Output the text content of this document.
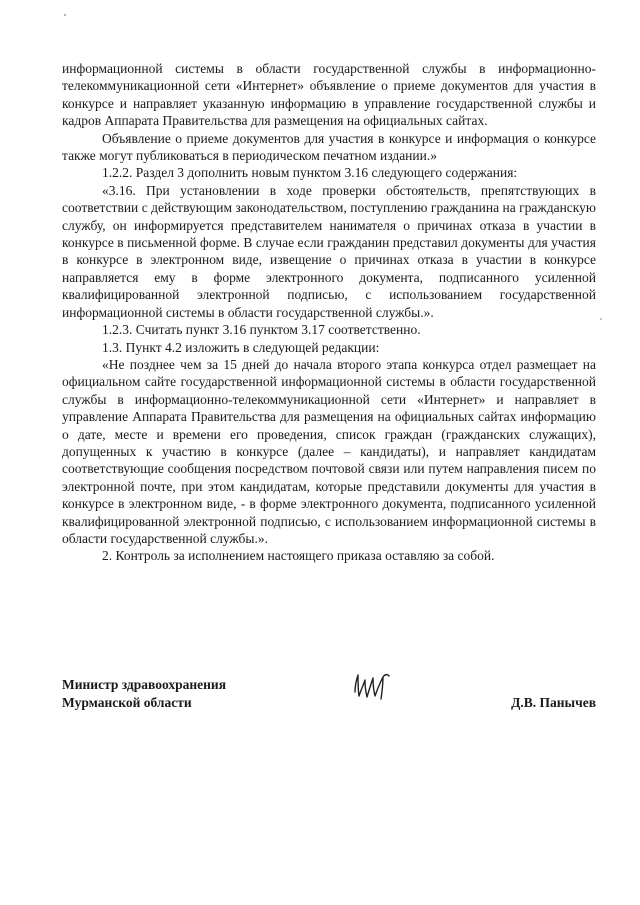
информационной системы в области государственной службы в информационно-телекоммуникационной сети «Интернет» объявление о приеме документов для участия в конкурсе и направляет указанную информацию в управление государственной службы и кадров Аппарата Правительства для размещения на официальных сайтах.

Объявление о приеме документов для участия в конкурсе и информация о конкурсе также могут публиковаться в периодическом печатном издании.»

1.2.2. Раздел 3 дополнить новым пунктом 3.16 следующего содержания:

«3.16. При установлении в ходе проверки обстоятельств, препятствующих в соответствии с действующим законодательством, поступлению гражданина на гражданскую службу, он информируется представителем нанимателя о причинах отказа в участии в конкурсе в письменной форме. В случае если гражданин представил документы для участия в конкурсе в электронном виде, извещение о причинах отказа в участии в конкурсе направляется ему в форме электронного документа, подписанного усиленной квалифицированной электронной подписью, с использованием государственной информационной системы в области государственной службы.».

1.2.3. Считать пункт 3.16 пунктом 3.17 соответственно.

1.3. Пункт 4.2 изложить в следующей редакции:

«Не позднее чем за 15 дней до начала второго этапа конкурса отдел размещает на официальном сайте государственной информационной системы в области государственной службы в информационно-телекоммуникационной сети «Интернет» и направляет в управление Аппарата Правительства для размещения на официальных сайтах информацию о дате, месте и времени его проведения, список граждан (гражданских служащих), допущенных к участию в конкурсе (далее – кандидаты), и направляет кандидатам соответствующие сообщения посредством почтовой связи или путем направления писем по электронной почте, при этом кандидатам, которые представили документы для участия в конкурсе в электронном виде, - в форме электронного документа, подписанного усиленной квалифицированной электронной подписью, с использованием информационной системы в области государственной службы.».

2. Контроль за исполнением настоящего приказа оставляю за собой.

Министр здравоохранения
Мурманской области	Д.В. Панычев
